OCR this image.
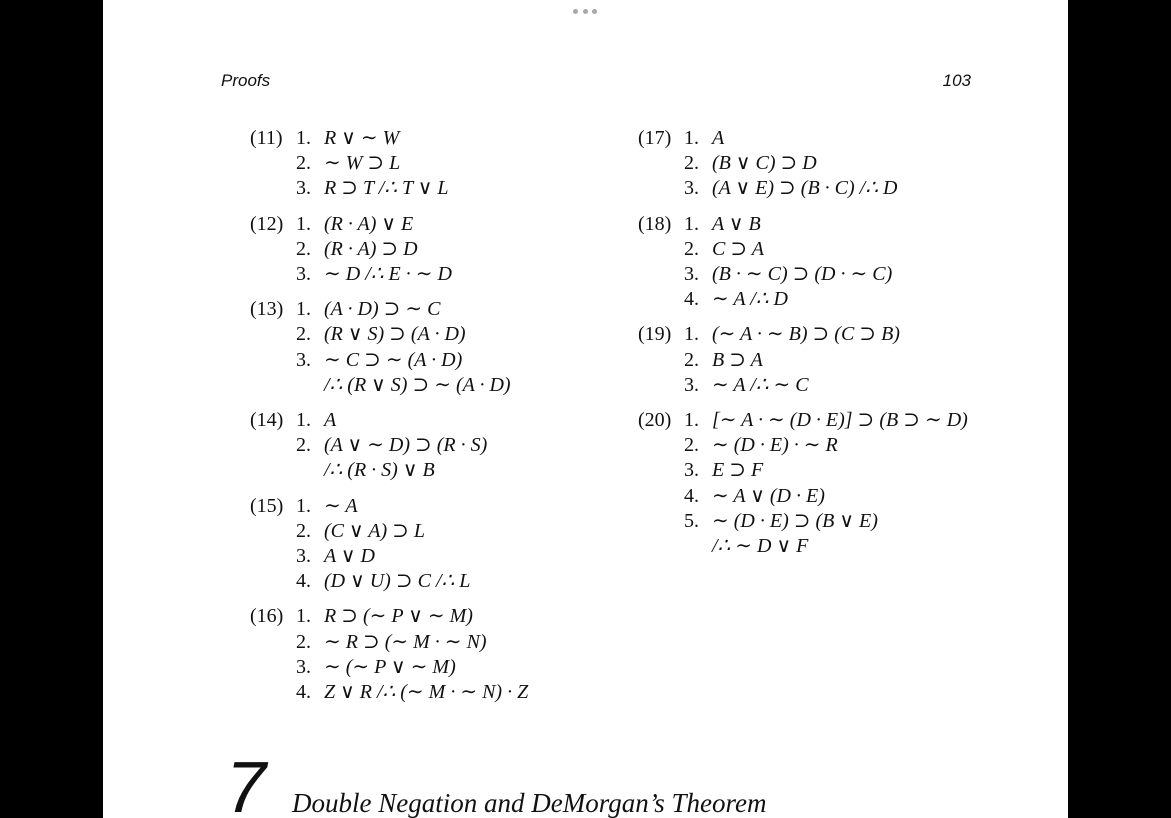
Proofs	103
(11) 1. R ∨ ∼ W
2. ∼ W ⊃ L
3. R ⊃ T /∴ T ∨ L
(12) 1. (R · A) ∨ E
2. (R · A) ⊃ D
3. ∼ D /∴ E · ∼ D
(13) 1. (A · D) ⊃ ∼ C
2. (R ∨ S) ⊃ (A · D)
3. ∼ C ⊃ ∼ (A · D)
/∴ (R ∨ S) ⊃ ∼ (A · D)
(14) 1. A
2. (A ∨ ∼ D) ⊃ (R · S)
/∴ (R · S) ∨ B
(15) 1. ∼ A
2. (C ∨ A) ⊃ L
3. A ∨ D
4. (D ∨ U) ⊃ C /∴ L
(16) 1. R ⊃ (∼ P ∨ ∼ M)
2. ∼ R ⊃ (∼ M · ∼ N)
3. ∼ (∼ P ∨ ∼ M)
4. Z ∨ R /∴ (∼ M · ∼ N) · Z
(17) 1. A
2. (B ∨ C) ⊃ D
3. (A ∨ E) ⊃ (B · C) /∴ D
(18) 1. A ∨ B
2. C ⊃ A
3. (B · ∼ C) ⊃ (D · ∼ C)
4. ∼ A /∴ D
(19) 1. (∼ A · ∼ B) ⊃ (C ⊃ B)
2. B ⊃ A
3. ∼ A /∴ ∼ C
(20) 1. [∼ A · ∼ (D · E)] ⊃ (B ⊃ ∼ D)
2. ∼ (D · E) · ∼ R
3. E ⊃ F
4. ∼ A ∨ (D · E)
5. ∼ (D · E) ⊃ (B ∨ E)
/∴ ∼ D ∨ F
7 Double Negation and DeMorgan’s Theorem
